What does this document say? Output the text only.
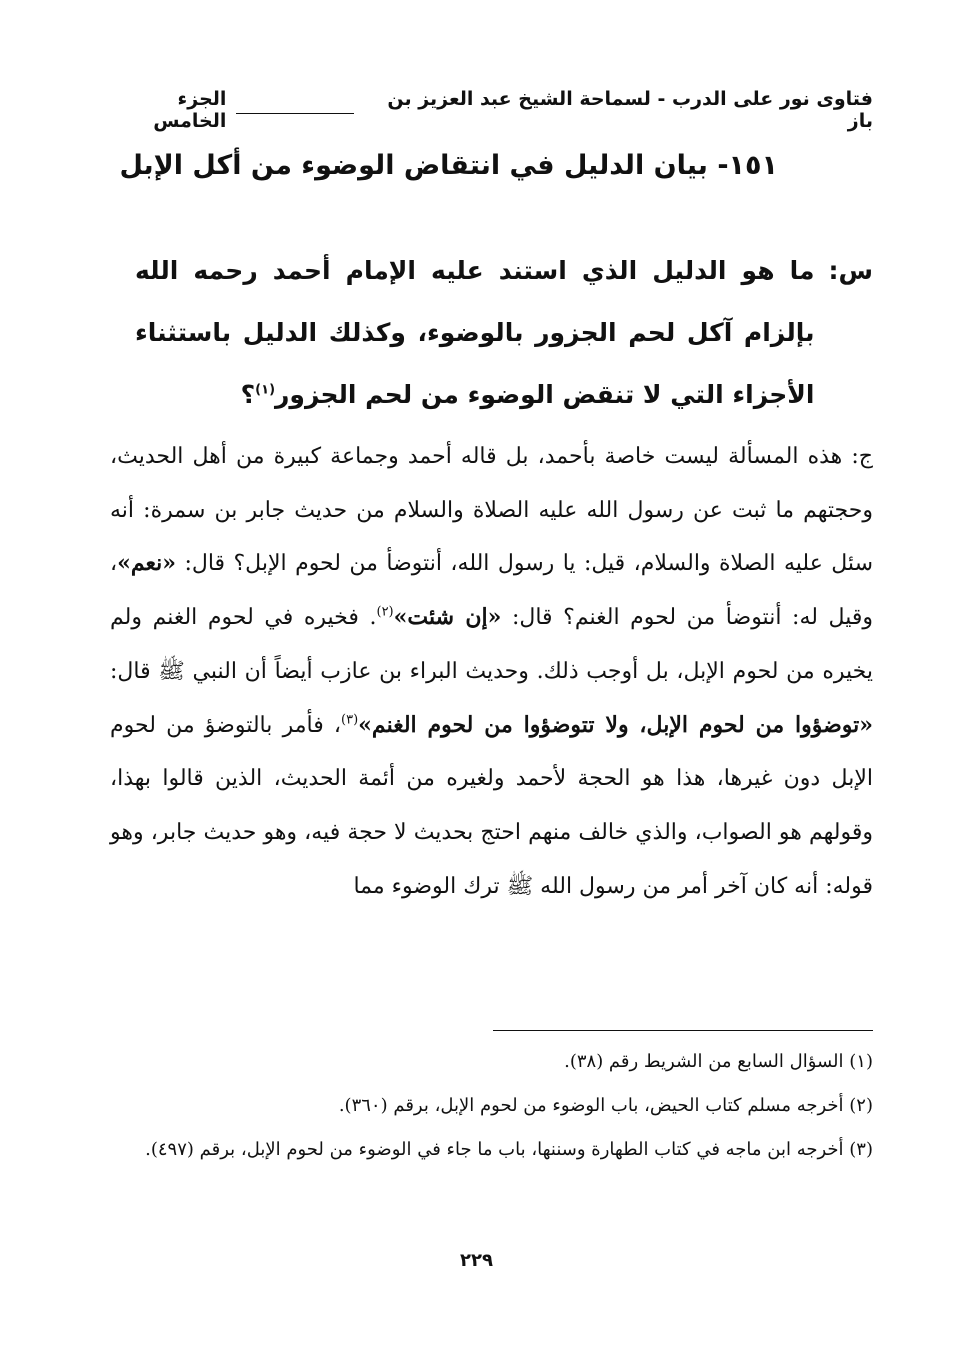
فتاوى نور على الدرب - لسماحة الشيخ عبد العزيز بن باز
الجزء الخامس
١٥١- بيان الدليل في انتقاض الوضوء من أكل الإبل
س:
ما هو الدليل الذي استند عليه الإمام أحمد رحمه الله بإلزام آكل لحم الجزور بالوضوء، وكذلك الدليل باستثناء الأجزاء التي لا تنقض الوضوء من لحم الجزور$^{(١)}$؟
ج: هذه المسألة ليست خاصة بأحمد، بل قاله أحمد وجماعة كبيرة من أهل الحديث، وحجتهم ما ثبت عن رسول الله عليه الصلاة والسلام من حديث جابر بن سمرة: أنه سئل عليه الصلاة والسلام، قيل: يا رسول الله، أنتوضأ من لحوم الإبل؟ قال: «نعم»، وقيل له: أنتوضأ من لحوم الغنم؟ قال: «إن شئت»$^{(٢)}$. فخيره في لحوم الغنم ولم يخيره من لحوم الإبل، بل أوجب ذلك. وحديث البراء بن عازب أيضاً أن النبي ﷺ قال: «توضؤوا من لحوم الإبل، ولا تتوضؤوا من لحوم الغنم»$^{(٣)}$، فأمر بالتوضؤ من لحوم الإبل دون غيرها، هذا هو الحجة لأحمد ولغيره من أئمة الحديث، الذين قالوا بهذا، وقولهم هو الصواب، والذي خالف منهم احتج بحديث لا حجة فيه، وهو حديث جابر، وهو قوله: أنه كان آخر أمر من رسول الله ﷺ ترك الوضوء مما
(١) السؤال السابع من الشريط رقم (٣٨).
(٢) أخرجه مسلم كتاب الحيض، باب الوضوء من لحوم الإبل، برقم (٣٦٠).
(٣) أخرجه ابن ماجه في كتاب الطهارة وسننها، باب ما جاء في الوضوء من لحوم الإبل، برقم (٤٩٧).
٢٢٩
